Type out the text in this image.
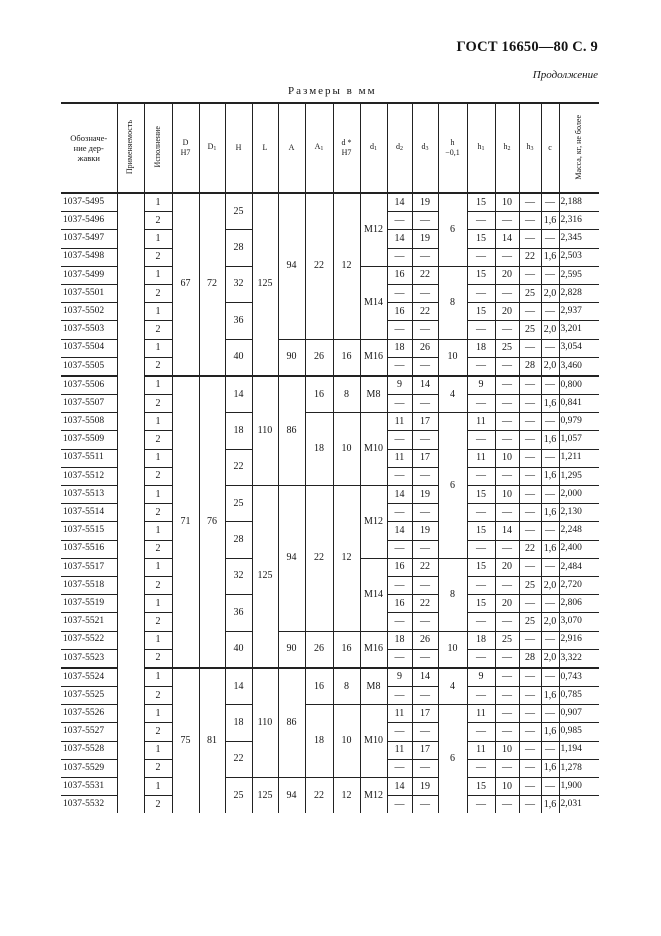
ГОСТ 16650—80 С. 9
Продолжение
Размеры в мм
Обозначе-
ние дер-
жавки	Применяемость	Исполнение	D
H7	$D_1$	H	L	A	$A_1$	d *
H7	$d_1$	$d_2$	$d_3$	h
−0,1	$h_1$	$h_2$	$h_3$	c	Масса, кг, не более
1037-5495		1	67	72	25	125	94	22	12	M12	14	19	6	15	10	—	—	2,188
1037-5496		2									—	—		—	—	—	1,6	2,316
1037-5497		1			28						14	19		15	14	—	—	2,345
1037-5498		2									—	—		—	—	22	1,6	2,503
1037-5499		1			32					M14	16	22	8	15	20	—	—	2,595
1037-5501		2									—	—		—	—	25	2,0	2,828
1037-5502		1			36						16	22		15	20	—	—	2,937
1037-5503		2									—	—		—	—	25	2,0	3,201
1037-5504		1			40		90	26	16	M16	18	26	10	18	25	—	—	3,054
1037-5505		2									—	—		—	—	28	2,0	3,460
1037-5506		1	71	76	14	110	86	16	8	M8	9	14	4	9	—	—	—	0,800
1037-5507		2									—	—		—	—	—	1,6	0,841
1037-5508		1			18			18	10	M10	11	17	6	11	—	—	—	0,979
1037-5509		2									—	—		—	—	—	1,6	1,057
1037-5511		1			22						11	17		11	10	—	—	1,211
1037-5512		2									—	—		—	—	—	1,6	1,295
1037-5513		1			25	125	94	22	12	M12	14	19		15	10	—	—	2,000
1037-5514		2									—	—		—	—	—	1,6	2,130
1037-5515		1			28						14	19		15	14	—	—	2,248
1037-5516		2									—	—		—	—	22	1,6	2,400
1037-5517		1			32					M14	16	22	8	15	20	—	—	2,484
1037-5518		2									—	—		—	—	25	2,0	2,720
1037-5519		1			36						16	22		15	20	—	—	2,806
1037-5521		2									—	—		—	—	25	2,0	3,070
1037-5522		1			40		90	26	16	M16	18	26	10	18	25	—	—	2,916
1037-5523		2									—	—		—	—	28	2,0	3,322
1037-5524		1	75	81	14	110	86	16	8	M8	9	14	4	9	—	—	—	0,743
1037-5525		2									—	—		—	—	—	1,6	0,785
1037-5526		1			18			18	10	M10	11	17	6	11	—	—	—	0,907
1037-5527		2									—	—		—	—	—	1,6	0,985
1037-5528		1			22						11	17		11	10	—	—	1,194
1037-5529		2									—	—		—	—	—	1,6	1,278
1037-5531		1			25	125	94	22	12	M12	14	19		15	10	—	—	1,900
1037-5532		2									—	—		—	—	—	1,6	2,031
